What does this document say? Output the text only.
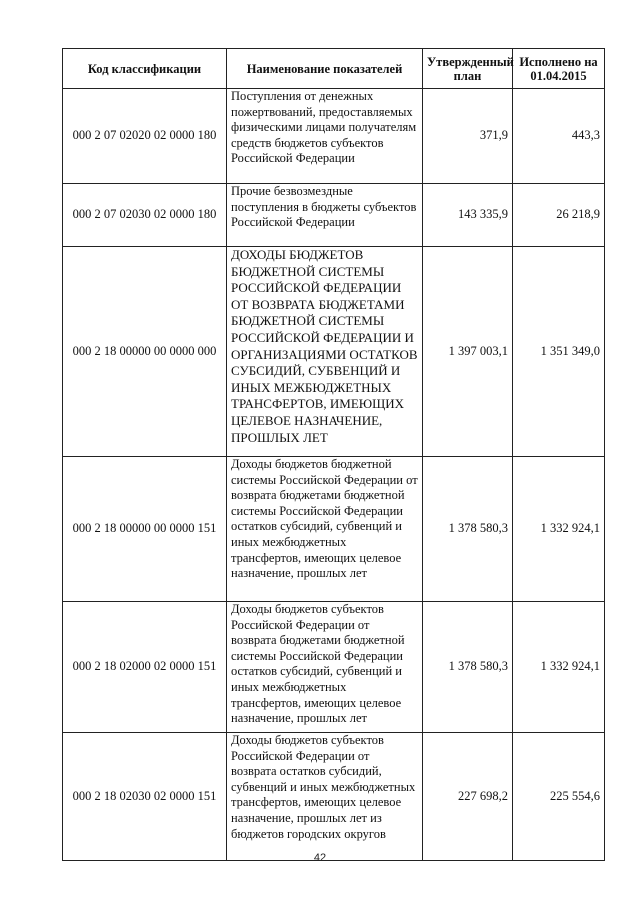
Код классификации	Наименование показателей	Утвержденный план	Исполнено на 01.04.2015
000 2 07 02020 02 0000 180	Поступления от денежных пожертвований, предоставляемых физическими лицами получателям средств бюджетов субъектов Российской Федерации	371,9	443,3
000 2 07 02030 02 0000 180	Прочие безвозмездные поступления в бюджеты субъектов Российской Федерации	143 335,9	26 218,9
000 2 18 00000 00 0000 000	ДОХОДЫ БЮДЖЕТОВ БЮДЖЕТНОЙ СИСТЕМЫ РОССИЙСКОЙ ФЕДЕРАЦИИ ОТ ВОЗВРАТА БЮДЖЕТАМИ БЮДЖЕТНОЙ СИСТЕМЫ РОССИЙСКОЙ ФЕДЕРАЦИИ И ОРГАНИЗАЦИЯМИ ОСТАТКОВ СУБСИДИЙ, СУБВЕНЦИЙ И ИНЫХ МЕЖБЮДЖЕТНЫХ ТРАНСФЕРТОВ, ИМЕЮЩИХ ЦЕЛЕВОЕ НАЗНАЧЕНИЕ, ПРОШЛЫХ ЛЕТ	1 397 003,1	1 351 349,0
000 2 18 00000 00 0000 151	Доходы бюджетов бюджетной системы Российской Федерации от возврата бюджетами бюджетной системы Российской Федерации остатков субсидий, субвенций и иных межбюджетных трансфертов, имеющих целевое назначение, прошлых лет	1 378 580,3	1 332 924,1
000 2 18 02000 02 0000 151	Доходы бюджетов субъектов Российской Федерации от возврата бюджетами бюджетной системы Российской Федерации остатков субсидий, субвенций и иных межбюджетных трансфертов, имеющих целевое назначение, прошлых лет	1 378 580,3	1 332 924,1
000 2 18 02030 02 0000 151	Доходы бюджетов субъектов Российской Федерации от возврата остатков субсидий, субвенций и иных межбюджетных трансфертов, имеющих целевое назначение, прошлых лет из бюджетов городских округов	227 698,2	225 554,6
42
